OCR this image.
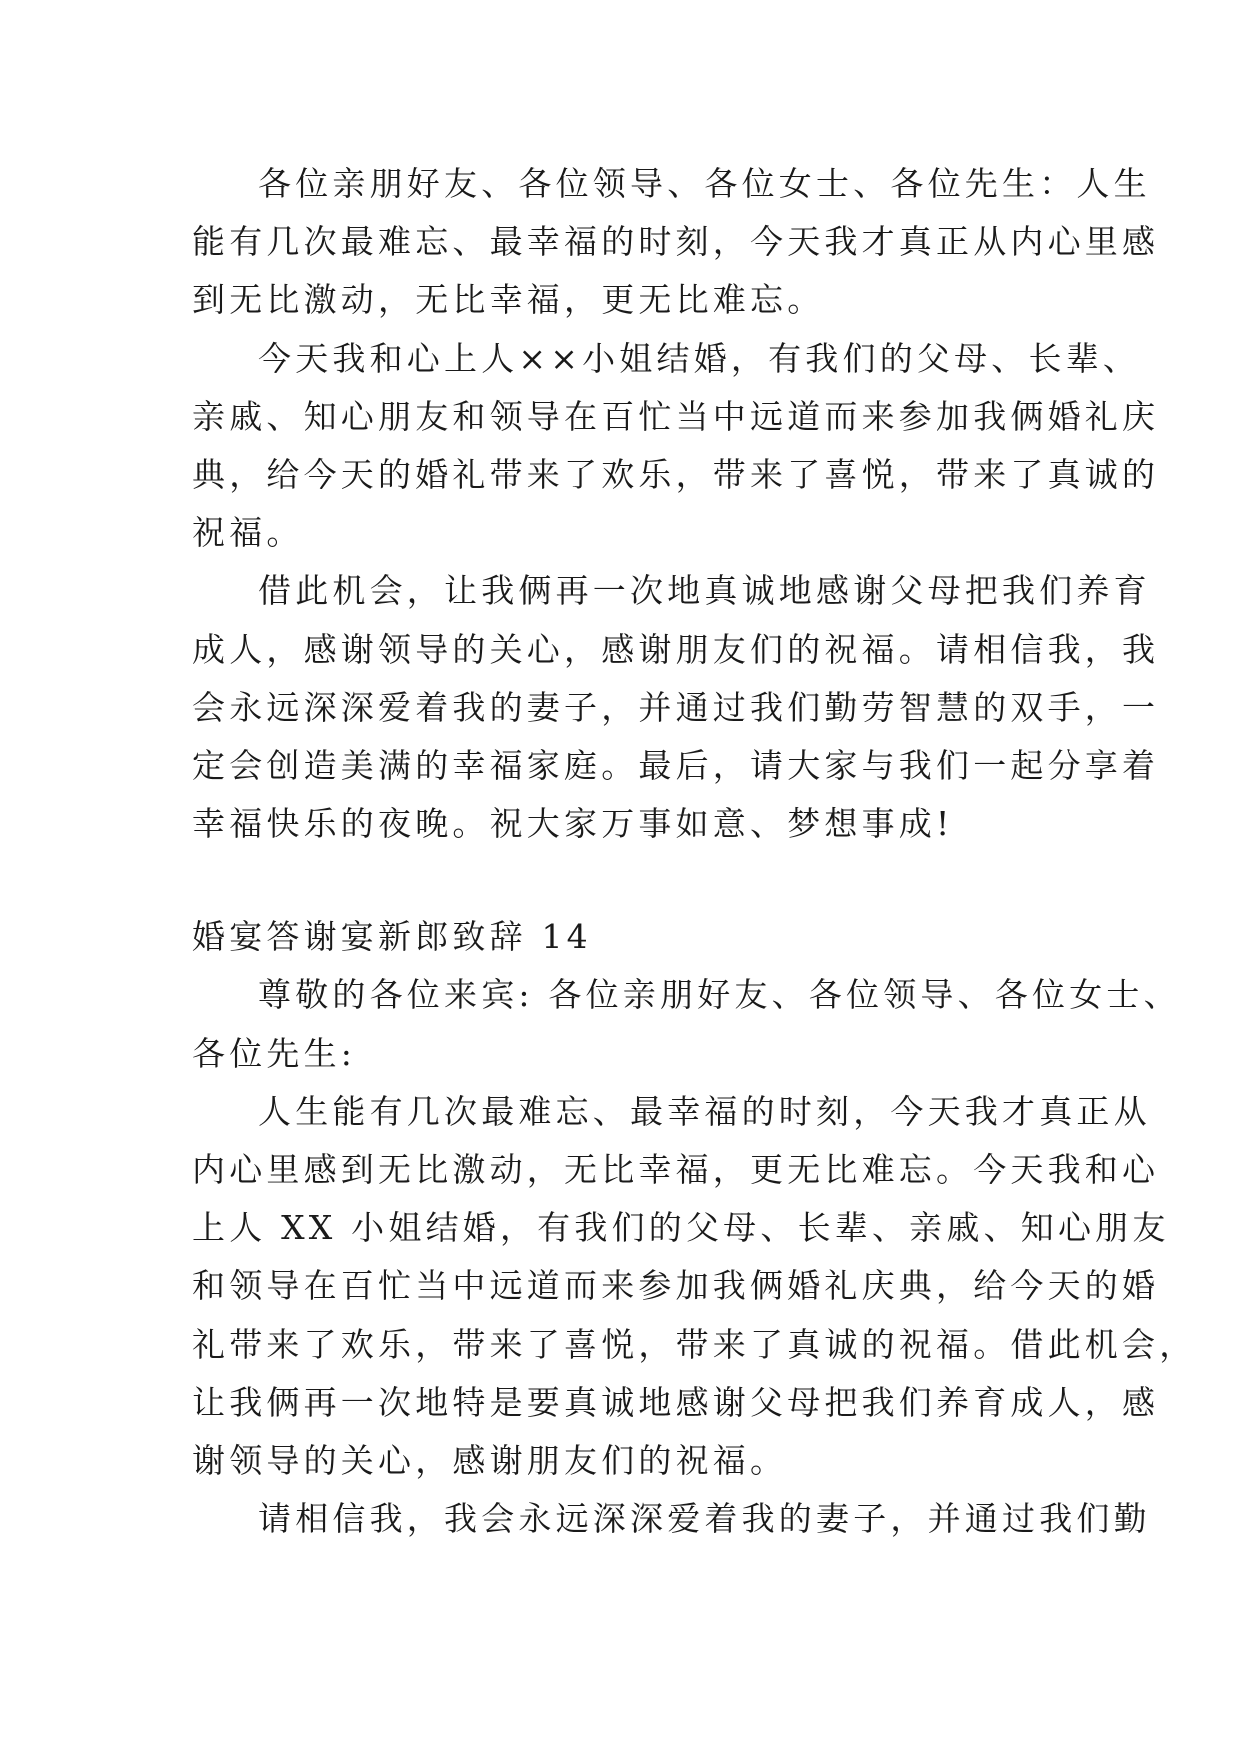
各位亲朋好友、各位领导、各位女士、各位先生：人生
能有几次最难忘、最幸福的时刻，今天我才真正从内心里感
到无比激动，无比幸福，更无比难忘。
今天我和心上人××小姐结婚，有我们的父母、长辈、
亲戚、知心朋友和领导在百忙当中远道而来参加我俩婚礼庆
典，给今天的婚礼带来了欢乐，带来了喜悦，带来了真诚的
祝福。
借此机会，让我俩再一次地真诚地感谢父母把我们养育
成人，感谢领导的关心，感谢朋友们的祝福。请相信我，我
会永远深深爱着我的妻子，并通过我们勤劳智慧的双手，一
定会创造美满的幸福家庭。最后，请大家与我们一起分享着
幸福快乐的夜晚。祝大家万事如意、梦想事成!
婚宴答谢宴新郎致辞 14
尊敬的各位来宾: 各位亲朋好友、各位领导、各位女士、
各位先生:
人生能有几次最难忘、最幸福的时刻，今天我才真正从
内心里感到无比激动，无比幸福，更无比难忘。今天我和心
上人 XX 小姐结婚，有我们的父母、长辈、亲戚、知心朋友
和领导在百忙当中远道而来参加我俩婚礼庆典，给今天的婚
礼带来了欢乐，带来了喜悦，带来了真诚的祝福。借此机会，
让我俩再一次地特是要真诚地感谢父母把我们养育成人，感
谢领导的关心，感谢朋友们的祝福。
请相信我，我会永远深深爱着我的妻子，并通过我们勤
